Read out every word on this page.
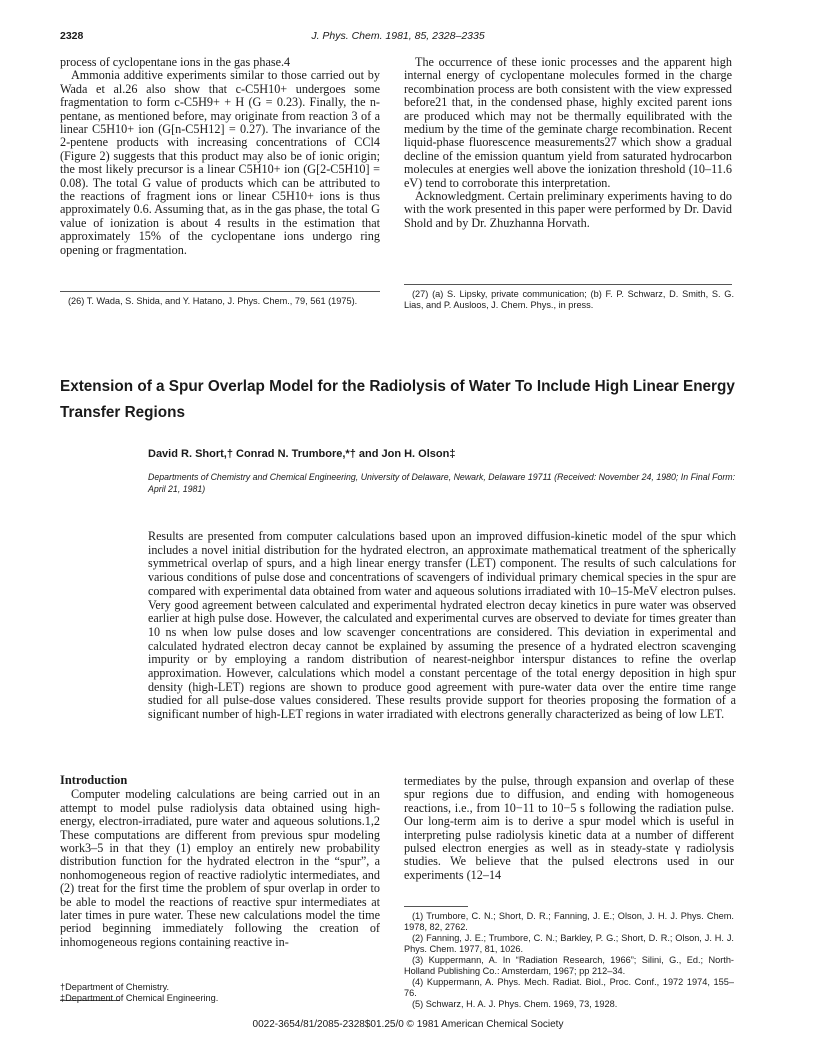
2328	J. Phys. Chem. 1981, 85, 2328–2335

process of cyclopentane ions in the gas phase.4

Ammonia additive experiments similar to those carried out by Wada et al.26 also show that c-C5H10+ undergoes some fragmentation to form c-C5H9+ + H (G = 0.23). Finally, the n-pentane, as mentioned before, may originate from reaction 3 of a linear C5H10+ ion (G[n-C5H12] = 0.27). The invariance of the 2-pentene products with increasing concentrations of CCl4 (Figure 2) suggests that this product may also be of ionic origin; the most likely precursor is a linear C5H10+ ion (G[2-C5H10] = 0.08). The total G value of products which can be attributed to the reactions of fragment ions or linear C5H10+ ions is thus approximately 0.6. Assuming that, as in the gas phase, the total G value of ionization is about 4 results in the estimation that approximately 15% of the cyclopentane ions undergo ring opening or fragmentation.

The occurrence of these ionic processes and the apparent high internal energy of cyclopentane molecules formed in the charge recombination process are both consistent with the view expressed before21 that, in the condensed phase, highly excited parent ions are produced which may not be thermally equilibrated with the medium by the time of the geminate charge recombination. Recent liquid-phase fluorescence measurements27 which show a gradual decline of the emission quantum yield from saturated hydrocarbon molecules at energies well above the ionization threshold (10–11.6 eV) tend to corroborate this interpretation.

Acknowledgment. Certain preliminary experiments having to do with the work presented in this paper were performed by Dr. David Shold and by Dr. Zhuzhanna Horvath.

(26) T. Wada, S. Shida, and Y. Hatano, J. Phys. Chem., 79, 561 (1975).

(27) (a) S. Lipsky, private communication; (b) F. P. Schwarz, D. Smith, S. G. Lias, and P. Ausloos, J. Chem. Phys., in press.

Extension of a Spur Overlap Model for the Radiolysis of Water To Include High Linear Energy Transfer Regions
David R. Short,† Conrad N. Trumbore,*† and Jon H. Olson‡
Departments of Chemistry and Chemical Engineering, University of Delaware, Newark, Delaware 19711 (Received: November 24, 1980; In Final Form: April 21, 1981)
Results are presented from computer calculations based upon an improved diffusion-kinetic model of the spur which includes a novel initial distribution for the hydrated electron, an approximate mathematical treatment of the spherically symmetrical overlap of spurs, and a high linear energy transfer (LET) component. The results of such calculations for various conditions of pulse dose and concentrations of scavengers of individual primary chemical species in the spur are compared with experimental data obtained from water and aqueous solutions irradiated with 10–15-MeV electron pulses. Very good agreement between calculated and experimental hydrated electron decay kinetics in pure water was observed earlier at high pulse dose. However, the calculated and experimental curves are observed to deviate for times greater than 10 ns when low pulse doses and low scavenger concentrations are considered. This deviation in experimental and calculated hydrated electron decay cannot be explained by assuming the presence of a hydrated electron scavenging impurity or by employing a random distribution of nearest-neighbor interspur distances to refine the overlap approximation. However, calculations which model a constant percentage of the total energy deposition in high spur density (high-LET) regions are shown to produce good agreement with pure-water data over the entire time range studied for all pulse-dose values considered. These results provide support for theories proposing the formation of a significant number of high-LET regions in water irradiated with electrons generally characterized as being of low LET.

Introduction

Computer modeling calculations are being carried out in an attempt to model pulse radiolysis data obtained using high-energy, electron-irradiated, pure water and aqueous solutions.1,2 These computations are different from previous spur modeling work3–5 in that they (1) employ an entirely new probability distribution function for the hydrated electron in the “spur”, a nonhomogeneous region of reactive radiolytic intermediates, and (2) treat for the first time the problem of spur overlap in order to be able to model the reactions of reactive spur intermediates at later times in pure water. These new calculations model the time period beginning immediately following the creation of inhomogeneous regions containing reactive in-

termediates by the pulse, through expansion and overlap of these spur regions due to diffusion, and ending with homogeneous reactions, i.e., from 10−11 to 10−5 s following the radiation pulse. Our long-term aim is to derive a spur model which is useful in interpreting pulse radiolysis kinetic data at a number of different pulsed electron energies as well as in steady-state γ radiolysis studies. We believe that the pulsed electrons used in our experiments (12–14

†Department of Chemistry.

‡Department of Chemical Engineering.

(1) Trumbore, C. N.; Short, D. R.; Fanning, J. E.; Olson, J. H. J. Phys. Chem. 1978, 82, 2762.

(2) Fanning, J. E.; Trumbore, C. N.; Barkley, P. G.; Short, D. R.; Olson, J. H. J. Phys. Chem. 1977, 81, 1026.

(3) Kuppermann, A. In “Radiation Research, 1966”; Silini, G., Ed.; North-Holland Publishing Co.: Amsterdam, 1967; pp 212–34.

(4) Kuppermann, A. Phys. Mech. Radiat. Biol., Proc. Conf., 1972 1974, 155–76.

(5) Schwarz, H. A. J. Phys. Chem. 1969, 73, 1928.

0022-3654/81/2085-2328$01.25/0 © 1981 American Chemical Society
